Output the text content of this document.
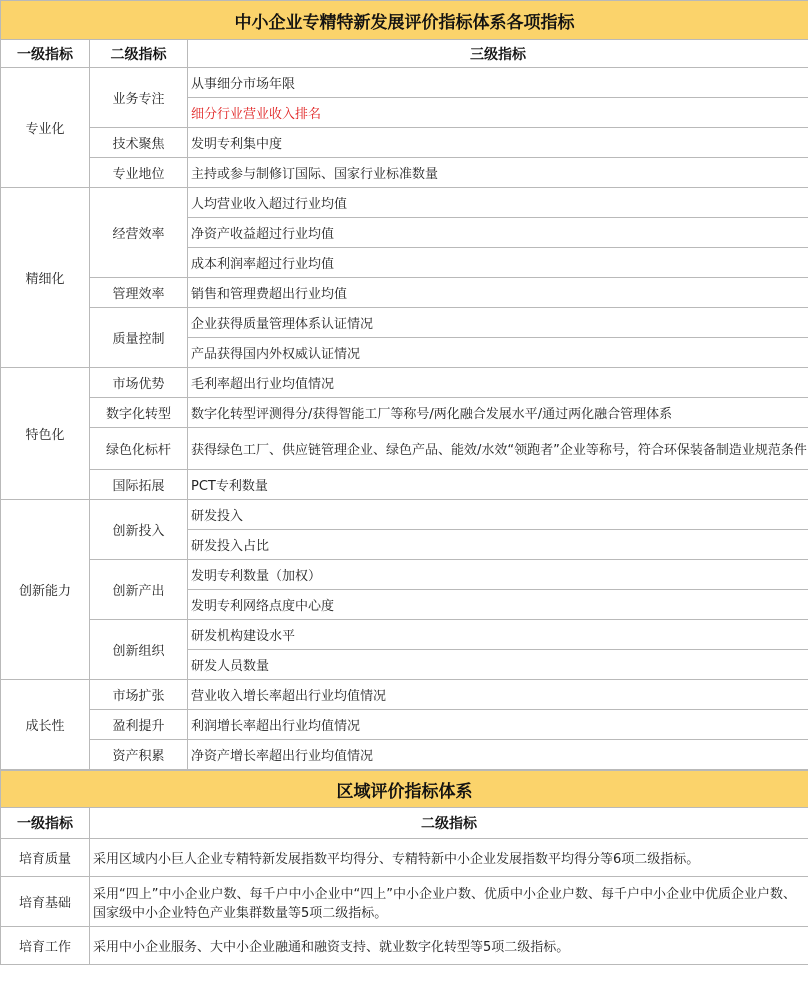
中小企业专精特新发展评价指标体系各项指标		
一级指标	二级指标	三级指标
专业化	业务专注	从事细分市场年限
		细分行业营业收入排名
	技术聚焦	发明专利集中度
	专业地位	主持或参与制修订国际、国家行业标准数量
精细化	经营效率	人均营业收入超过行业均值
		净资产收益超过行业均值
		成本利润率超过行业均值
	管理效率	销售和管理费超出行业均值
	质量控制	企业获得质量管理体系认证情况
		产品获得国内外权威认证情况
特色化	市场优势	毛利率超出行业均值情况
	数字化转型	数字化转型评测得分/获得智能工厂等称号/两化融合发展水平/通过两化融合管理体系
	绿色化标杆	获得绿色工厂、供应链管理企业、绿色产品、能效/水效“领跑者”企业等称号，符合环保装备制造业规范条件
	国际拓展	PCT专利数量
创新能力	创新投入	研发投入
		研发投入占比
	创新产出	发明专利数量（加权）
		发明专利网络点度中心度
	创新组织	研发机构建设水平
		研发人员数量
成长性	市场扩张	营业收入增长率超出行业均值情况
	盈利提升	利润增长率超出行业均值情况
	资产积累	净资产增长率超出行业均值情况
区域评价指标体系	
一级指标	二级指标
培育质量	采用区域内小巨人企业专精特新发展指数平均得分、专精特新中小企业发展指数平均得分等6项二级指标。
培育基础	采用“四上”中小企业户数、每千户中小企业中“四上”中小企业户数、优质中小企业户数、每千户中小企业中优质企业户数、国家级中小企业特色产业集群数量等5项二级指标。
培育工作	采用中小企业服务、大中小企业融通和融资支持、就业数字化转型等5项二级指标。
